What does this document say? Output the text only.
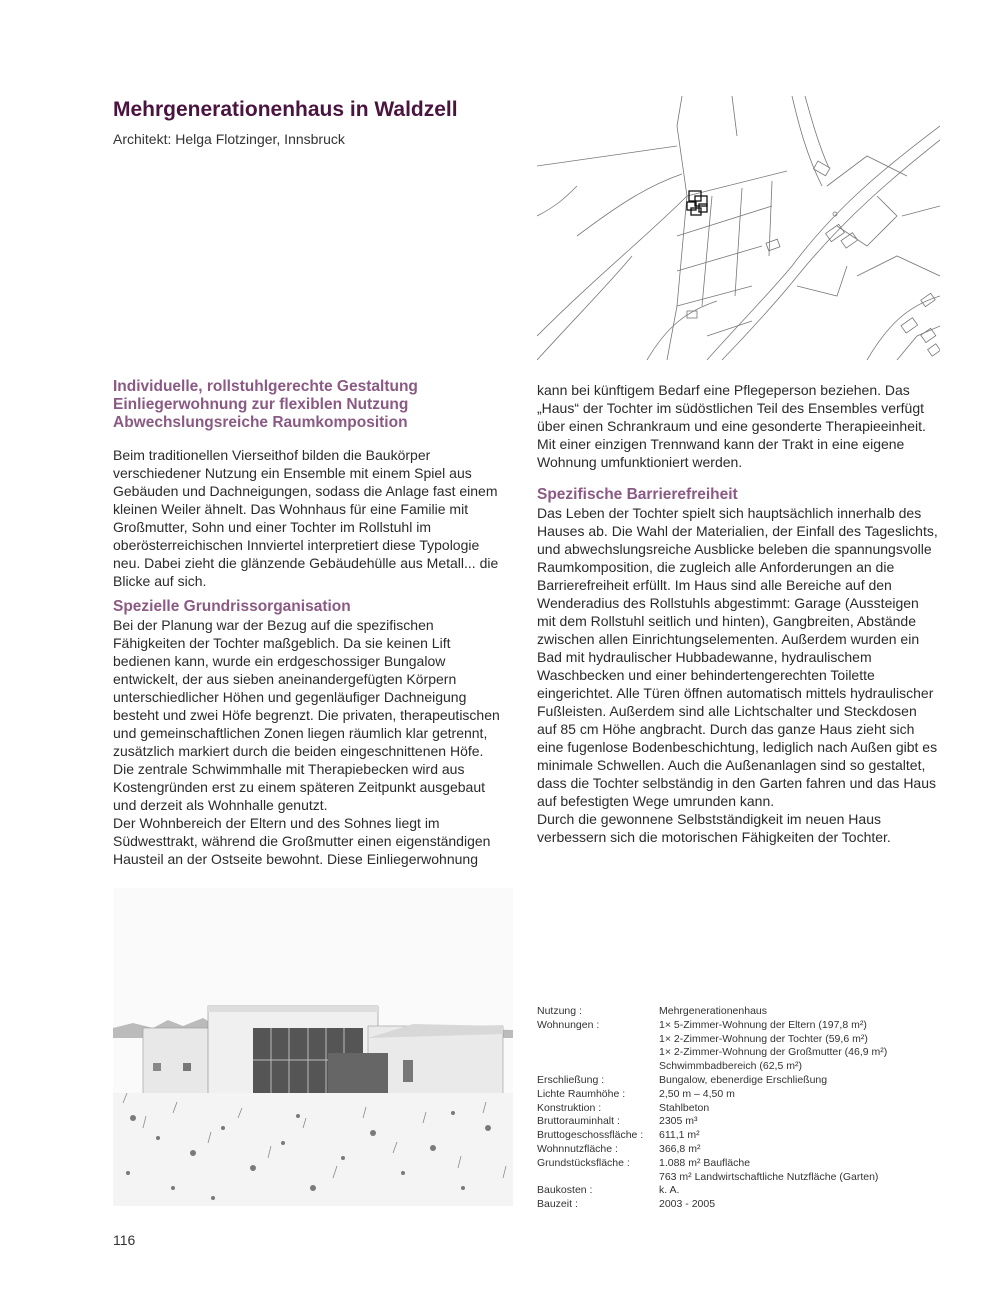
Mehrgenerationenhaus in Waldzell
Architekt: Helga Flotzinger, Innsbruck
Individuelle, rollstuhlgerechte Gestaltung
Einliegerwohnung zur flexiblen Nutzung
Abwechslungsreiche Raumkomposition

Beim traditionellen Vierseithof bilden die Baukörper verschiedener Nutzung ein Ensemble mit einem Spiel aus Gebäuden und Dachneigungen, sodass die Anlage fast einem kleinen Weiler ähnelt. Das Wohnhaus für eine Familie mit Großmutter, Sohn und einer Tochter im Rollstuhl im oberösterreichischen Innviertel interpretiert diese Typologie neu. Dabei zieht die glänzende Gebäudehülle aus Metall... die Blicke auf sich.

Spezielle Grundrissorganisation

Bei der Planung war der Bezug auf die spezifischen Fähigkeiten der Tochter maßgeblich. Da sie keinen Lift bedienen kann, wurde ein erdgeschossiger Bungalow entwickelt, der aus sieben aneinandergefügten Körpern unterschiedlicher Höhen und gegenläufiger Dachneigung besteht und zwei Höfe begrenzt. Die privaten, therapeutischen und gemeinschaftlichen Zonen liegen räumlich klar getrennt, zusätzlich markiert durch die beiden eingeschnittenen Höfe. Die zentrale Schwimmhalle mit Therapiebecken wird aus Kostengründen erst zu einem späteren Zeitpunkt ausgebaut und derzeit als Wohnhalle genutzt.

Der Wohnbereich der Eltern und des Sohnes liegt im Südwesttrakt, während die Großmutter einen eigenständigen Hausteil an der Ostseite bewohnt. Diese Einliegerwohnung

kann bei künftigem Bedarf eine Pflegeperson beziehen. Das „Haus“ der Tochter im südöstlichen Teil des Ensembles verfügt über einen Schrankraum und eine gesonderte Therapieeinheit. Mit einer einzigen Trennwand kann der Trakt in eine eigene Wohnung umfunktioniert werden.

Spezifische Barrierefreiheit

Das Leben der Tochter spielt sich hauptsächlich innerhalb des Hauses ab. Die Wahl der Materialien, der Einfall des Tageslichts, und abwechslungsreiche Ausblicke beleben die spannungsvolle Raumkomposition, die zugleich alle Anforderungen an die Barrierefreiheit erfüllt. Im Haus sind alle Bereiche auf den Wenderadius des Rollstuhls abgestimmt: Garage (Aussteigen mit dem Rollstuhl seitlich und hinten), Gangbreiten, Abstände zwischen allen Einrichtungselementen. Außerdem wurden ein Bad mit hydraulischer Hubbadewanne, hydraulischem Waschbecken und einer behindertengerechten Toilette eingerichtet. Alle Türen öffnen automatisch mittels hydraulischer Fußleisten. Außerdem sind alle Lichtschalter und Steckdosen auf 85 cm Höhe angbracht. Durch das ganze Haus zieht sich eine fugenlose Bodenbeschichtung, lediglich nach Außen gibt es minimale Schwellen. Auch die Außenanlagen sind so gestaltet, dass die Tochter selbständig in den Garten fahren und das Haus auf befestigten Wege umrunden kann.

Durch die gewonnene Selbstständigkeit im neuen Haus verbessern sich die motorischen Fähigkeiten der Tochter.

Nutzung :	Mehrgenerationenhaus
Wohnungen :	1× 5-Zimmer-Wohnung der Eltern (197,8 m²)
1× 2-Zimmer-Wohnung der Tochter (59,6 m²)
1× 2-Zimmer-Wohnung der Großmutter (46,9 m²)
Schwimmbadbereich (62,5 m²)
Erschließung :	Bungalow, ebenerdige Erschließung
Lichte Raumhöhe :	2,50 m – 4,50 m
Konstruktion :	Stahlbeton
Bruttorauminhalt :	2305 m³
Bruttogeschossfläche :	611,1 m²
Wohnnutzfläche :	366,8 m²
Grundstücksfläche :	1.088 m² Baufläche
763 m² Landwirtschaftliche Nutzfläche (Garten)
Baukosten :	k. A.
Bauzeit :	2003 - 2005
116
